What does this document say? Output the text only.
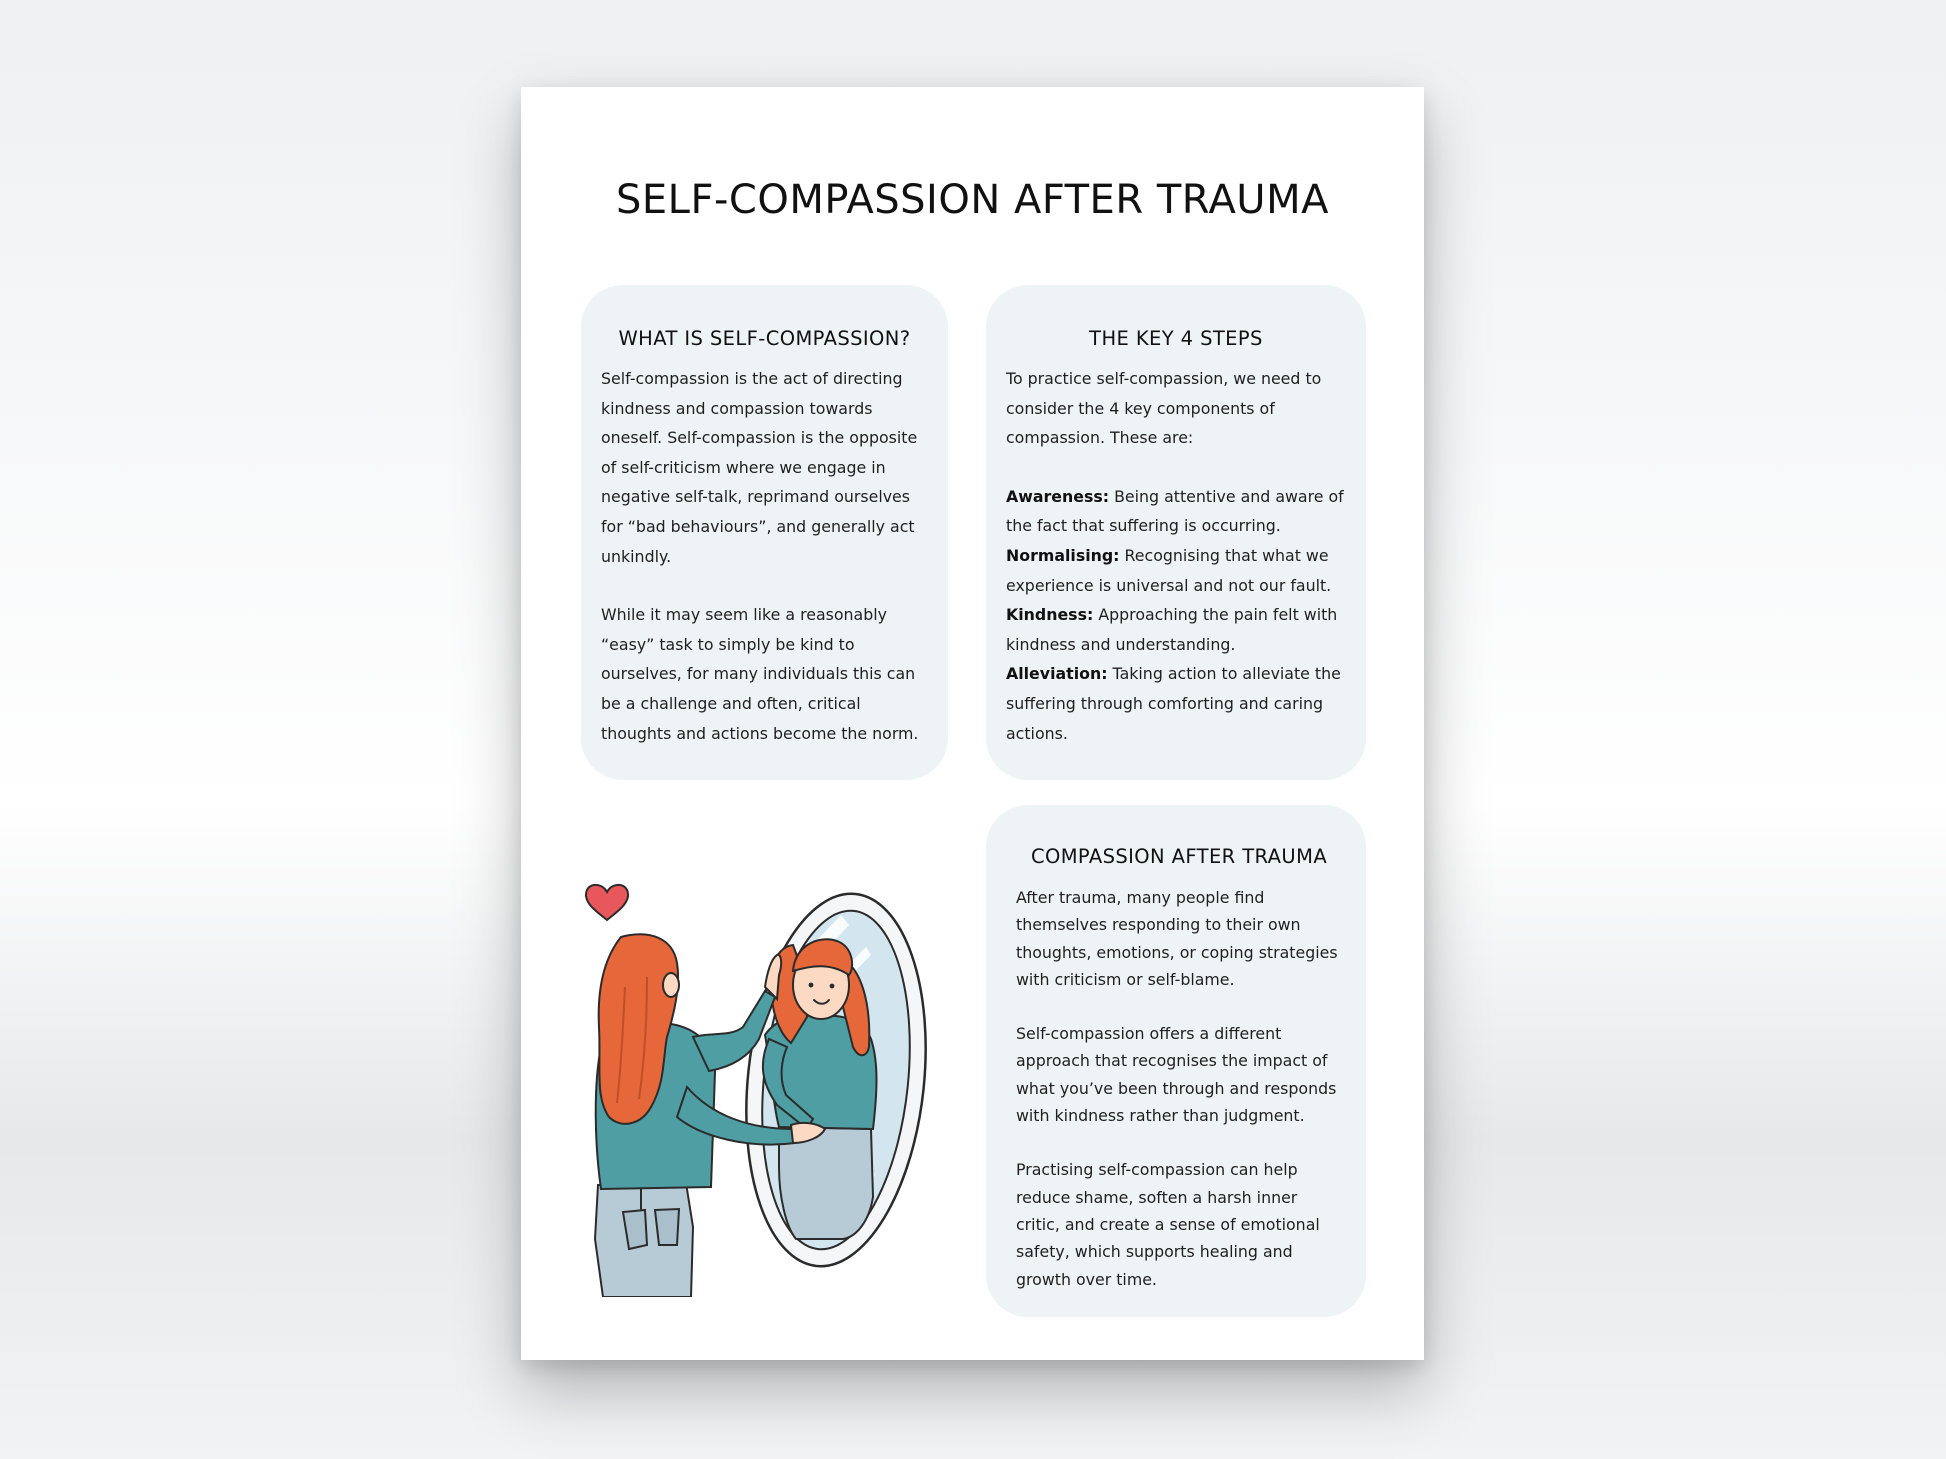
SELF-COMPASSION AFTER TRAUMA
WHAT IS SELF-COMPASSION?

Self-compassion is the act of directing kindness and compassion towards oneself. Self-compassion is the opposite of self-criticism where we engage in negative self-talk, reprimand ourselves for “bad behaviours”, and generally act unkindly.

While it may seem like a reasonably “easy” task to simply be kind to ourselves, for many individuals this can be a challenge and often, critical thoughts and actions become the norm.

THE KEY 4 STEPS

To practice self-compassion, we need to consider the 4 key components of compassion. These are:

Awareness: Being attentive and aware of the fact that suffering is occurring.

Normalising: Recognising that what we experience is universal and not our fault.

Kindness: Approaching the pain felt with kindness and understanding.

Alleviation: Taking action to alleviate the suffering through comforting and caring actions.

COMPASSION AFTER TRAUMA

After trauma, many people find themselves responding to their own thoughts, emotions, or coping strategies with criticism or self-blame.

Self-compassion offers a different approach that recognises the impact of what you’ve been through and responds with kindness rather than judgment.

Practising self-compassion can help reduce shame, soften a harsh inner critic, and create a sense of emotional safety, which supports healing and growth over time.
